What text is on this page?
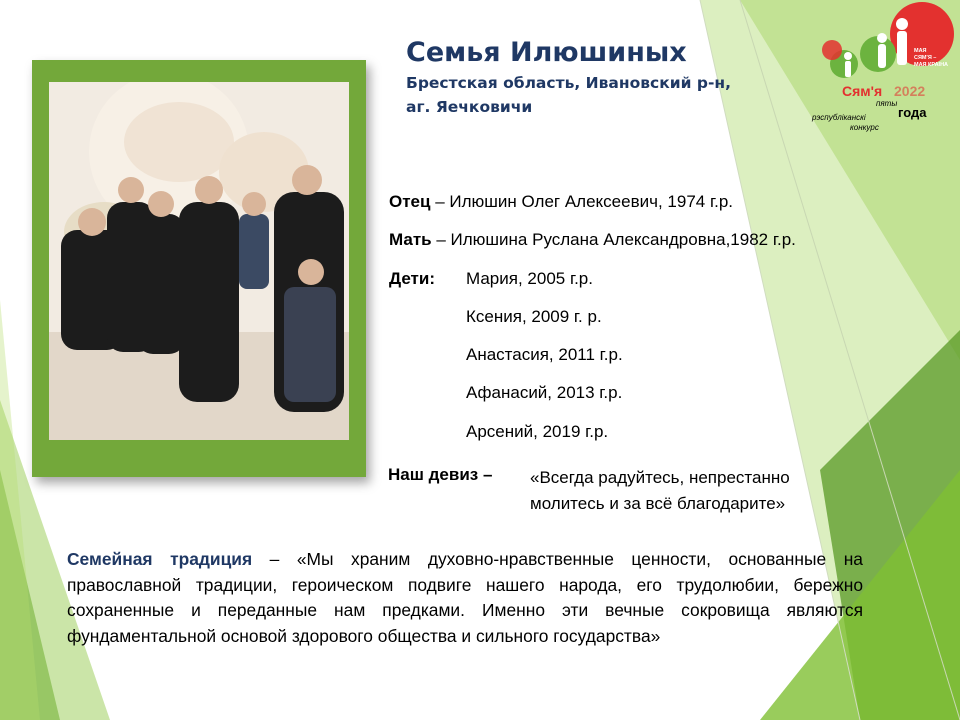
Семья Илюшиных
Брестская область, Ивановский р-н,
аг. Яечковичи
МАЯ
СЯМ'Я –
МАЯ КРАІНА
Сям'я 2022
пяты
года
рэспубліканскі
конкурс
Отец – Илюшин Олег Алексеевич, 1974 г.р.
Мать – Илюшина Руслана Александровна,1982 г.р.
Дети: Мария, 2005 г.р.
Ксения, 2009 г. р.
Анастасия, 2011 г.р.
Афанасий, 2013 г.р.
Арсений, 2019 г.р.
Наш девиз – «Всегда радуйтесь, непрестанно
молитесь и за всё благодарите»
Семейная традиция – «Мы храним духовно-нравственные ценности, основанные на православной традиции, героическом подвиге нашего народа, его трудолюбии, бережно сохраненные и переданные нам предками. Именно эти вечные сокровища являются фундаментальной основой здорового общества и сильного государства»
